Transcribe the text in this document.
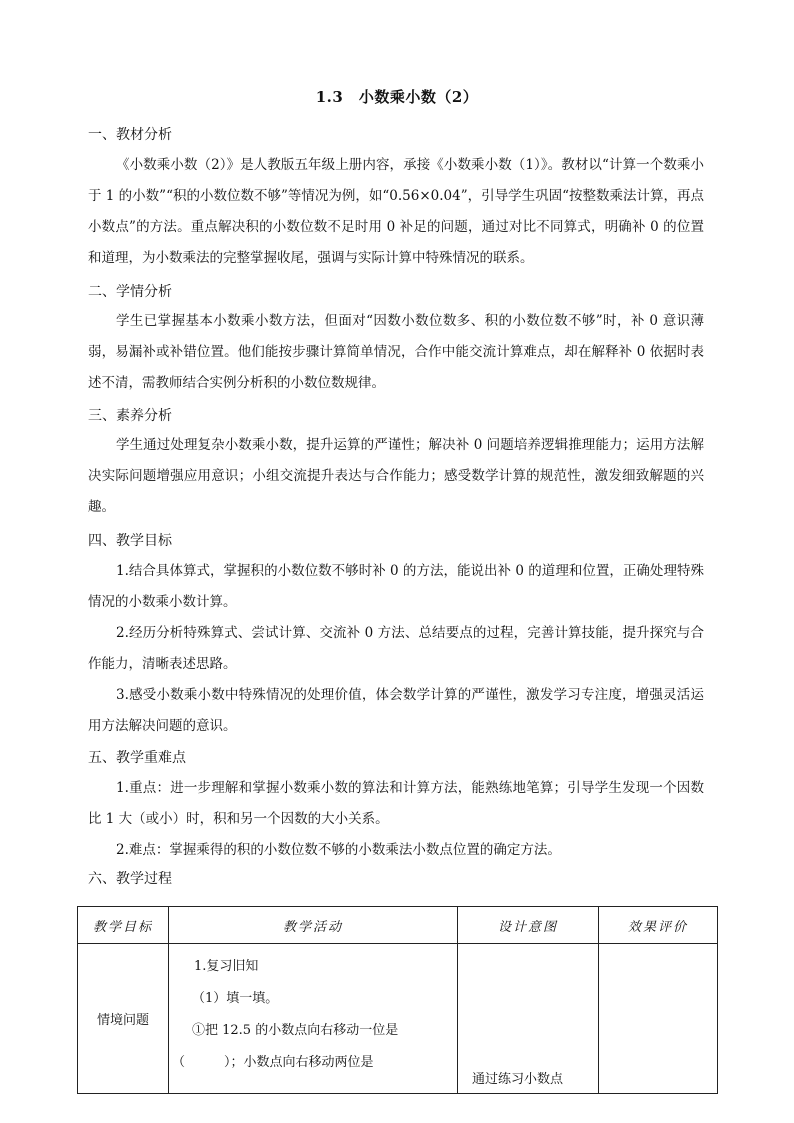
1.3　小数乘小数（2）
一、教材分析
《小数乘小数（2）》是人教版五年级上册内容，承接《小数乘小数（1）》。教材以“计算一个数乘小于 1 的小数”“积的小数位数不够”等情况为例，如“0.56×0.04”，引导学生巩固“按整数乘法计算，再点小数点”的方法。重点解决积的小数位数不足时用 0 补足的问题，通过对比不同算式，明确补 0 的位置和道理，为小数乘法的完整掌握收尾，强调与实际计算中特殊情况的联系。
二、学情分析
学生已掌握基本小数乘小数方法，但面对“因数小数位数多、积的小数位数不够”时，补 0 意识薄弱，易漏补或补错位置。他们能按步骤计算简单情况，合作中能交流计算难点，却在解释补 0 依据时表述不清，需教师结合实例分析积的小数位数规律。
三、素养分析
学生通过处理复杂小数乘小数，提升运算的严谨性；解决补 0 问题培养逻辑推理能力；运用方法解决实际问题增强应用意识；小组交流提升表达与合作能力；感受数学计算的规范性，激发细致解题的兴趣。
四、教学目标
1.结合具体算式，掌握积的小数位数不够时补 0 的方法，能说出补 0 的道理和位置，正确处理特殊情况的小数乘小数计算。
2.经历分析特殊算式、尝试计算、交流补 0 方法、总结要点的过程，完善计算技能，提升探究与合作能力，清晰表述思路。
3.感受小数乘小数中特殊情况的处理价值，体会数学计算的严谨性，激发学习专注度，增强灵活运用方法解决问题的意识。
五、教学重难点
1.重点：进一步理解和掌握小数乘小数的算法和计算方法，能熟练地笔算；引导学生发现一个因数比 1 大（或小）时，积和另一个因数的大小关系。
2.难点：掌握乘得的积的小数位数不够的小数乘法小数点位置的确定方法。
六、教学过程
教学目标	教学活动	设计意图	效果评价
情境问题	1.复习旧知
（1）填一填。
①把 12.5 的小数点向右移动一位是
（　　　）；小数点向右移动两位是	通过练习小数点	
